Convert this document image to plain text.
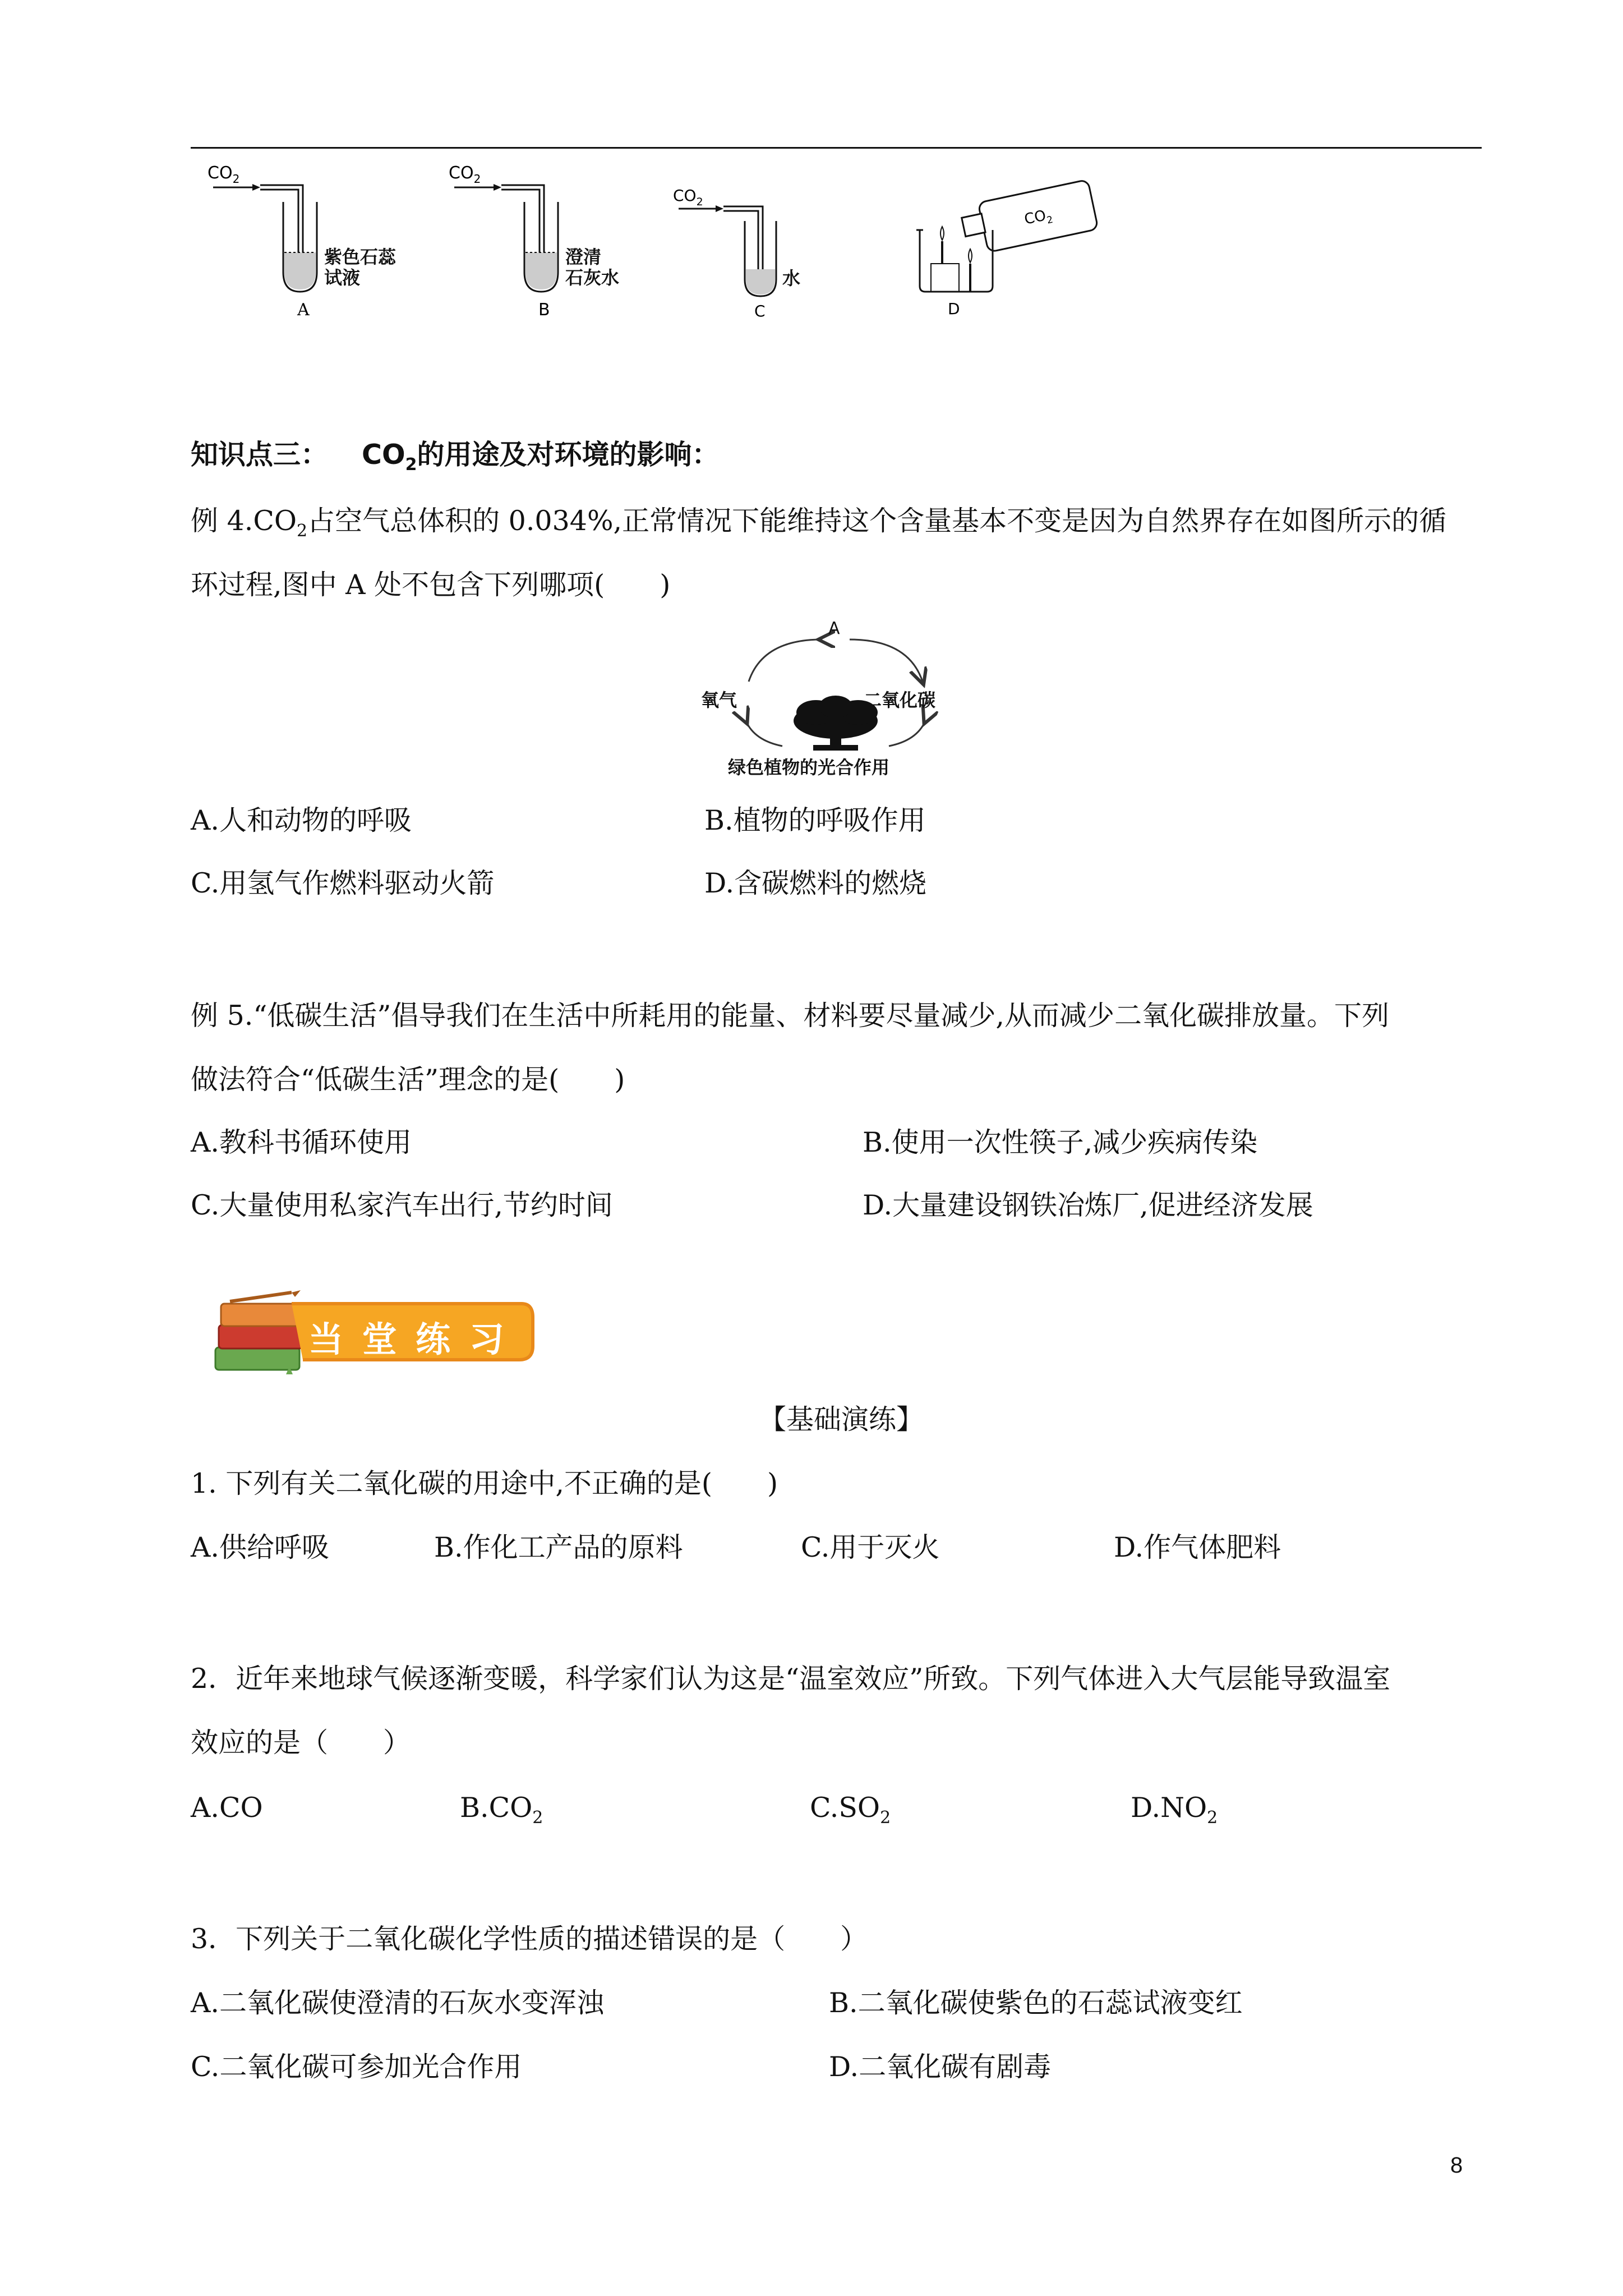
$CO_2$
A
紫色石蕊
试液
$CO_2$
B
澄清
石灰水
$CO_2$
C
水
$CO_2$
D
知识点三： $CO_2$的用途及对环境的影响：
例 $4.CO_2$占空气总体积的 0.034%,正常情况下能维持这个含量基本不变是因为自然界存在如图所示的循
环过程,图中 A 处不包含下列哪项(　　)
A
氧气	二氧化碳
绿色植物的光合作用
A.人和动物的呼吸	B.植物的呼吸作用
C.用氢气作燃料驱动火箭	D.含碳燃料的燃烧
例 5.“低碳生活”倡导我们在生活中所耗用的能量、材料要尽量减少,从而减少二氧化碳排放量。下列
做法符合“低碳生活”理念的是(　　)
A.教科书循环使用	B.使用一次性筷子,减少疾病传染
C.大量使用私家汽车出行,节约时间	D.大量建设钢铁冶炼厂,促进经济发展
当 堂 练 习
【基础演练】
1. 下列有关二氧化碳的用途中,不正确的是(　　)
A.供给呼吸	B.作化工产品的原料	C.用于灭火	D.作气体肥料
2．近年来地球气候逐渐变暖，科学家们认为这是“温室效应”所致。下列气体进入大气层能导致温室
效应的是（　　）
A.CO	$B.CO_2$	$C.SO_2$	$D.NO_2$
3．下列关于二氧化碳化学性质的描述错误的是（　　）
A.二氧化碳使澄清的石灰水变浑浊	B.二氧化碳使紫色的石蕊试液变红
C.二氧化碳可参加光合作用	D.二氧化碳有剧毒
8
